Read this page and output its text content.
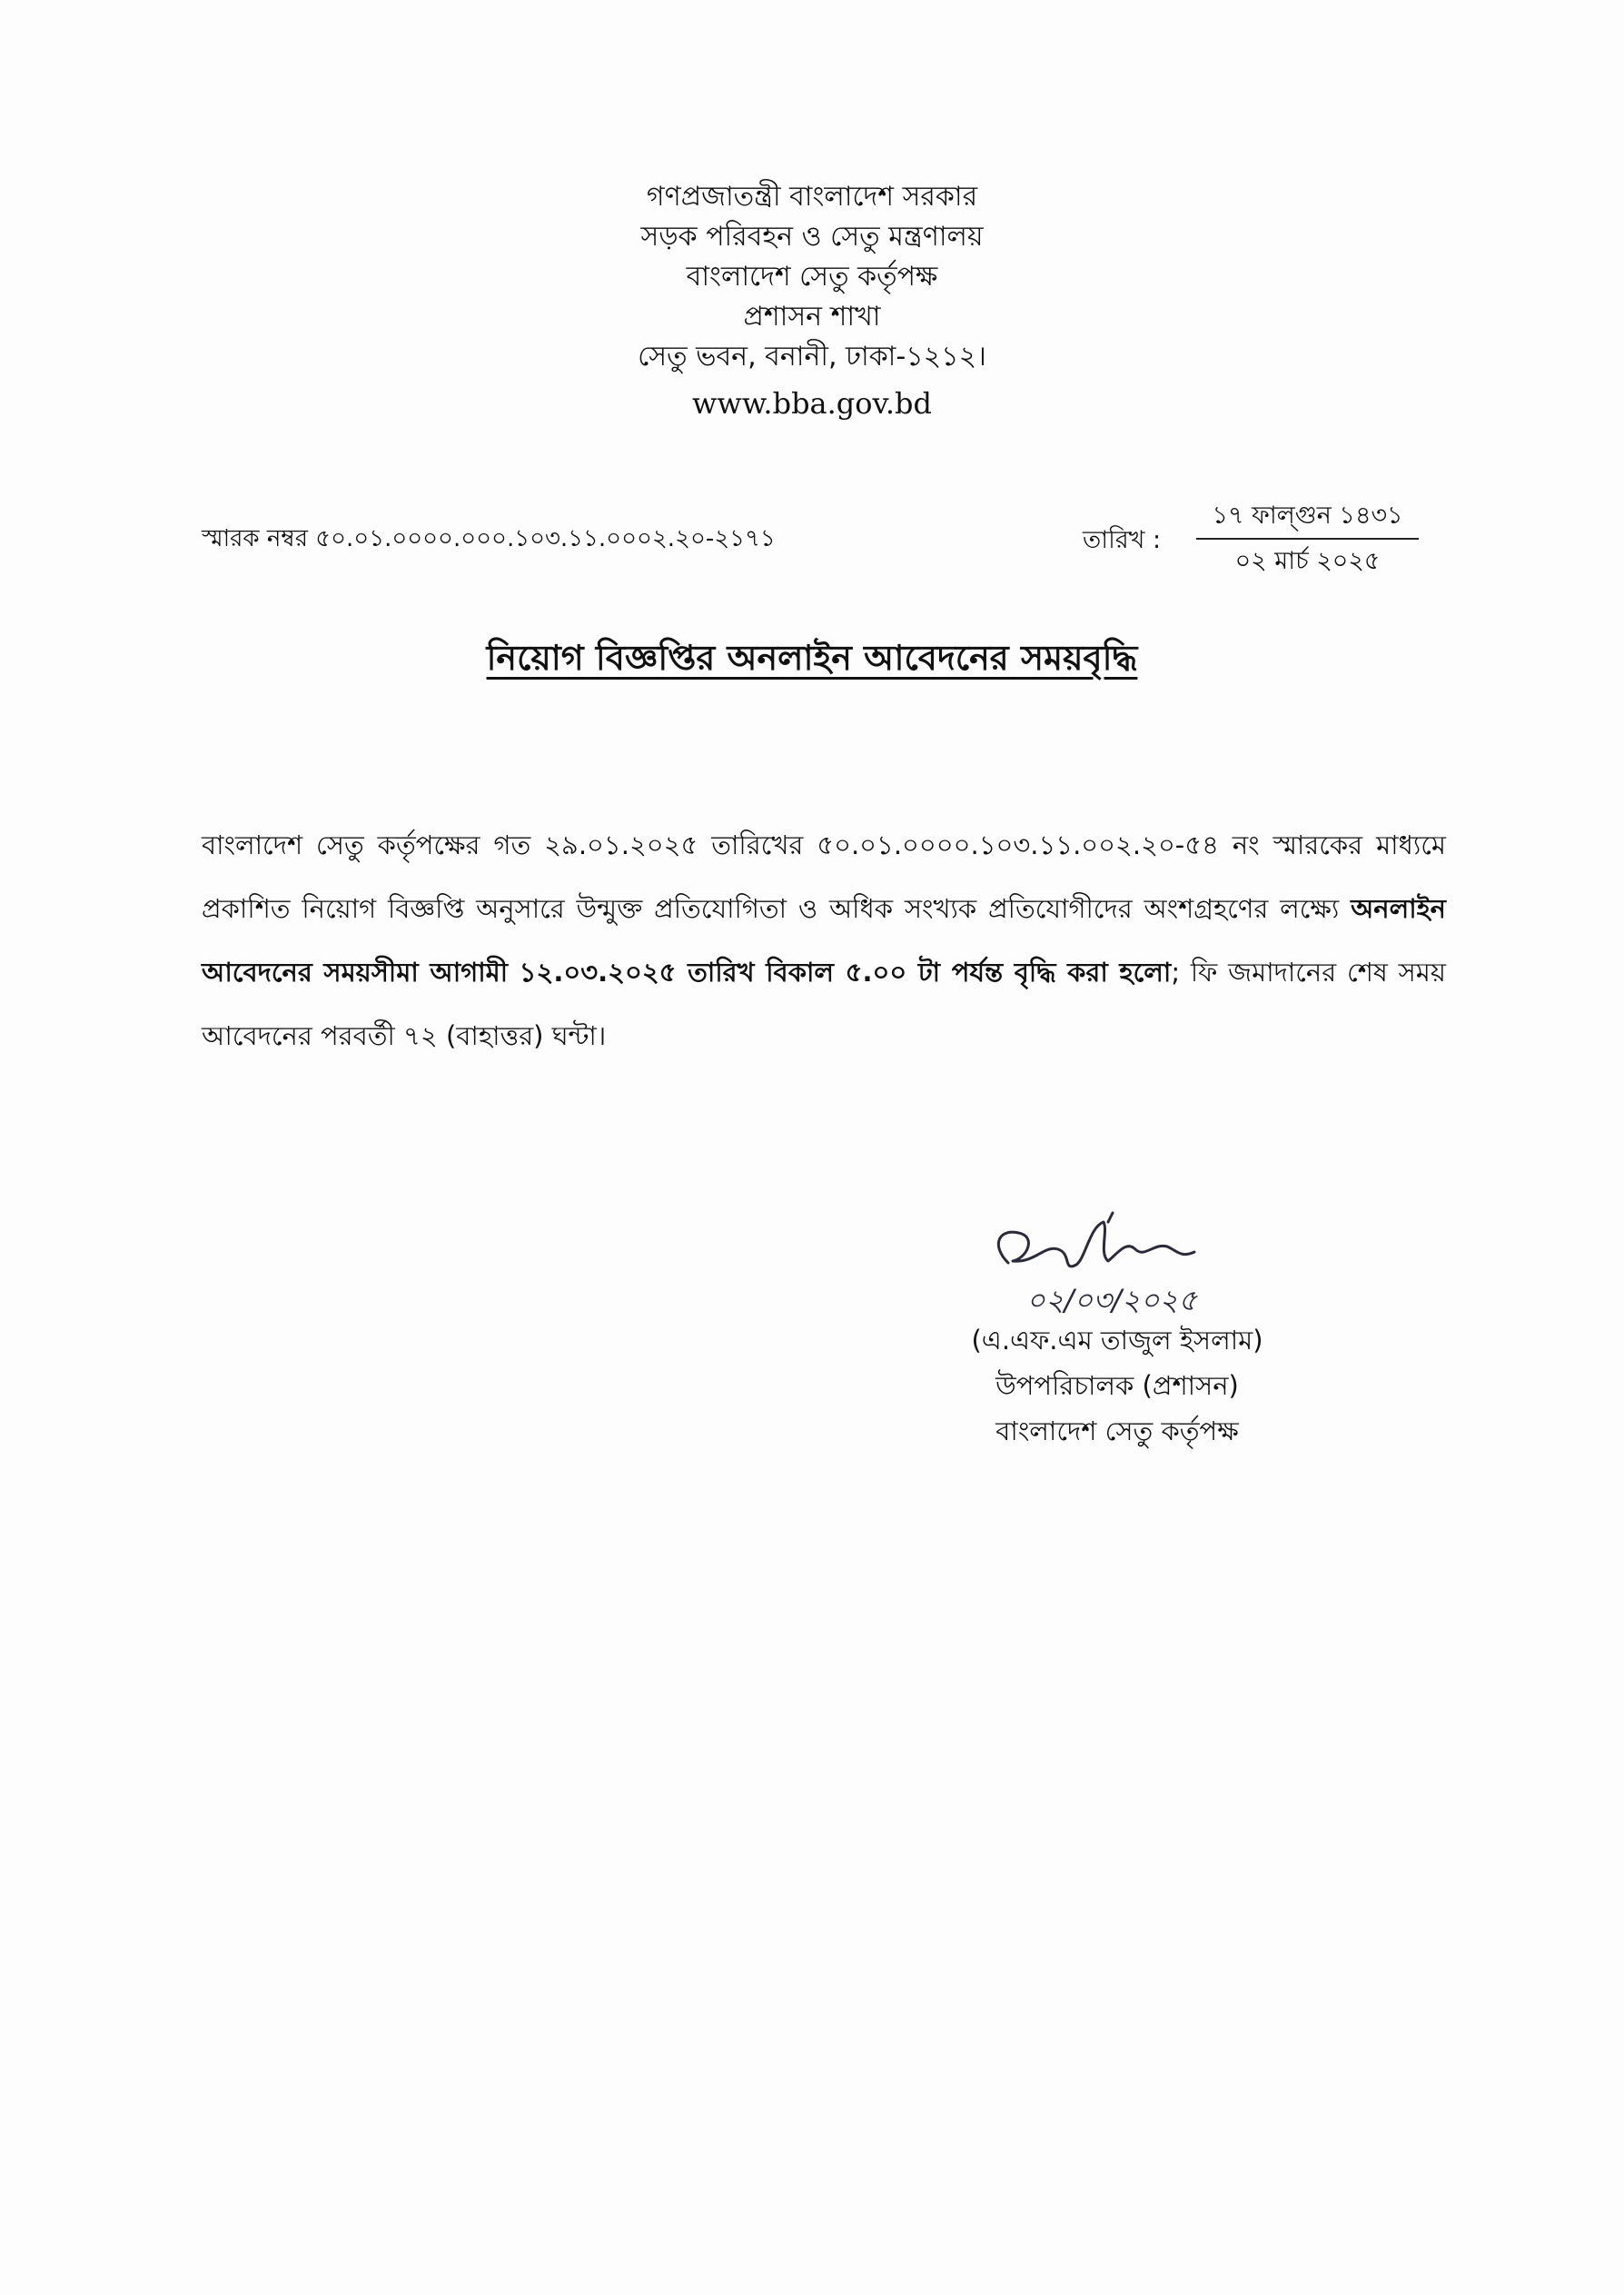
গণপ্রজাতন্ত্রী বাংলাদেশ সরকার
সড়ক পরিবহন ও সেতু মন্ত্রণালয়
বাংলাদেশ সেতু কর্তৃপক্ষ
প্রশাসন শাখা
সেতু ভবন, বনানী, ঢাকা-১২১২।
www.bba.gov.bd
স্মারক নম্বর ৫০.০১.০০০০.০০০.১০৩.১১.০০০২.২০-২১৭১	তারিখ :
১৭ ফাল্গুন ১৪৩১
০২ মার্চ ২০২৫
নিয়োগ বিজ্ঞপ্তির অনলাইন আবেদনের সময়বৃদ্ধি
বাংলাদেশ সেতু কর্তৃপক্ষের গত ২৯.০১.২০২৫ তারিখের ৫০.০১.০০০০.১০৩.১১.০০২.২০-৫৪ নং স্মারকের মাধ্যমে প্রকাশিত নিয়োগ বিজ্ঞপ্তি অনুসারে উন্মুক্ত প্রতিযোগিতা ও অধিক সংখ্যক প্রতিযোগীদের অংশগ্রহণের লক্ষ্যে অনলাইন আবেদনের সময়সীমা আগামী ১২.০৩.২০২৫ তারিখ বিকাল ৫.০০ টা পর্যন্ত বৃদ্ধি করা হলো; ফি জমাদানের শেষ সময় আবেদনের পরবর্তী ৭২ (বাহাত্তর) ঘন্টা।
০২/০৩/২০২৫
(এ.এফ.এম তাজুল ইসলাম)
উপপরিচালক (প্রশাসন)
বাংলাদেশ সেতু কর্তৃপক্ষ
